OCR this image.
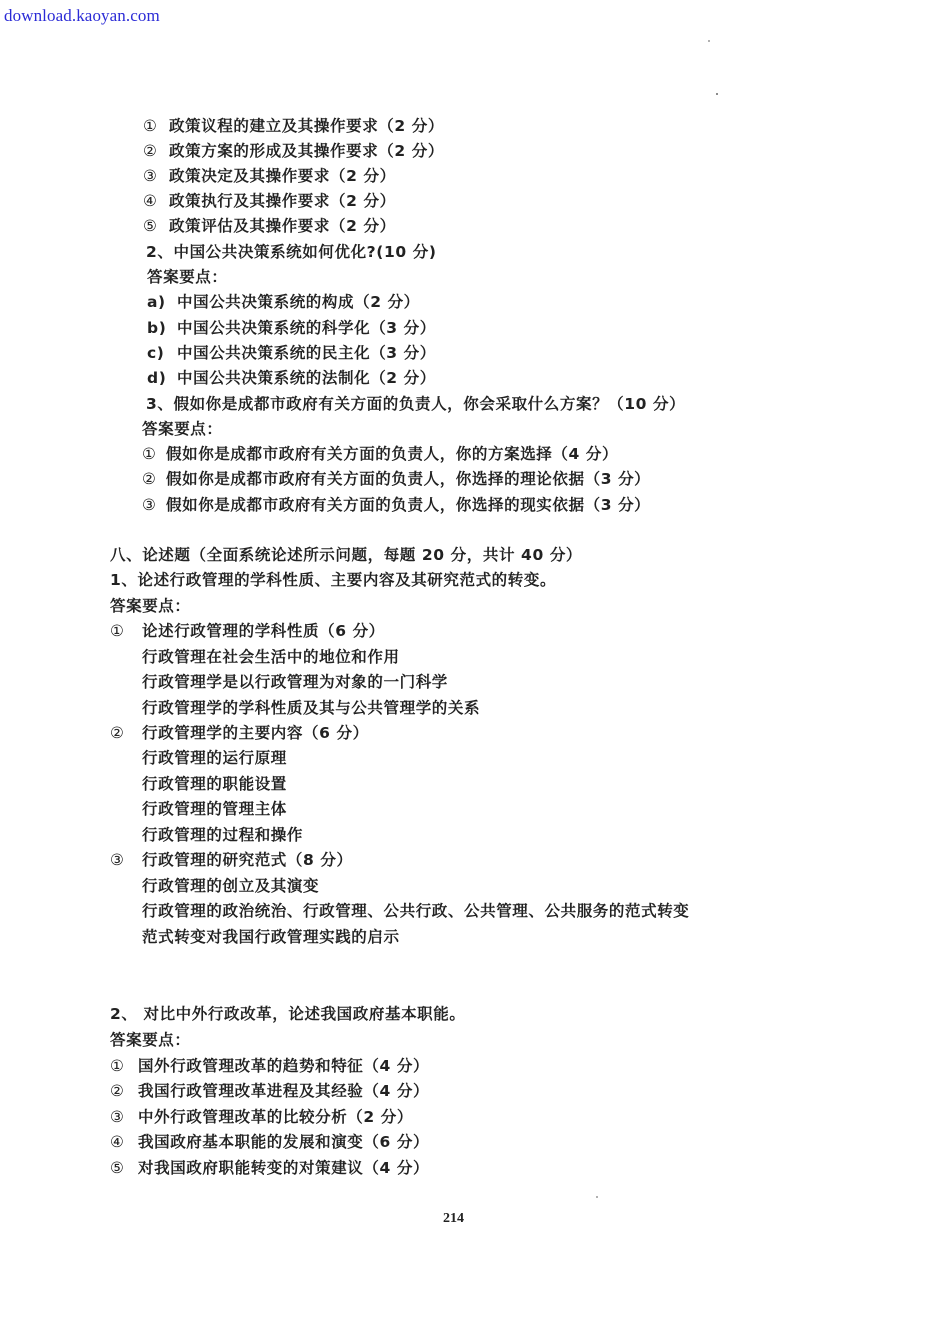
download.kaoyan.com
① 政策议程的建立及其操作要求（2 分）
② 政策方案的形成及其操作要求（2 分）
③ 政策决定及其操作要求（2 分）
④ 政策执行及其操作要求（2 分）
⑤ 政策评估及其操作要求（2 分）
2、中国公共决策系统如何优化?(10 分)
答案要点：
a) 中国公共决策系统的构成（2 分）
b) 中国公共决策系统的科学化（3 分）
c) 中国公共决策系统的民主化（3 分）
d) 中国公共决策系统的法制化（2 分）
3、假如你是成都市政府有关方面的负责人，你会采取什么方案？（10 分）
答案要点：
① 假如你是成都市政府有关方面的负责人，你的方案选择（4 分）
② 假如你是成都市政府有关方面的负责人，你选择的理论依据（3 分）
③ 假如你是成都市政府有关方面的负责人，你选择的现实依据（3 分）
八、论述题（全面系统论述所示问题，每题 20 分，共计 40 分）
1、论述行政管理的学科性质、主要内容及其研究范式的转变。
答案要点：
① 论述行政管理的学科性质（6 分）
行政管理在社会生活中的地位和作用
行政管理学是以行政管理为对象的一门科学
行政管理学的学科性质及其与公共管理学的关系
② 行政管理学的主要内容（6 分）
行政管理的运行原理
行政管理的职能设置
行政管理的管理主体
行政管理的过程和操作
③ 行政管理的研究范式（8 分）
行政管理的创立及其演变
行政管理的政治统治、行政管理、公共行政、公共管理、公共服务的范式转变
范式转变对我国行政管理实践的启示
2、 对比中外行政改革，论述我国政府基本职能。
答案要点：
① 国外行政管理改革的趋势和特征（4 分）
② 我国行政管理改革进程及其经验（4 分）
③ 中外行政管理改革的比较分析（2 分）
④ 我国政府基本职能的发展和演变（6 分）
⑤ 对我国政府职能转变的对策建议（4 分）
214
